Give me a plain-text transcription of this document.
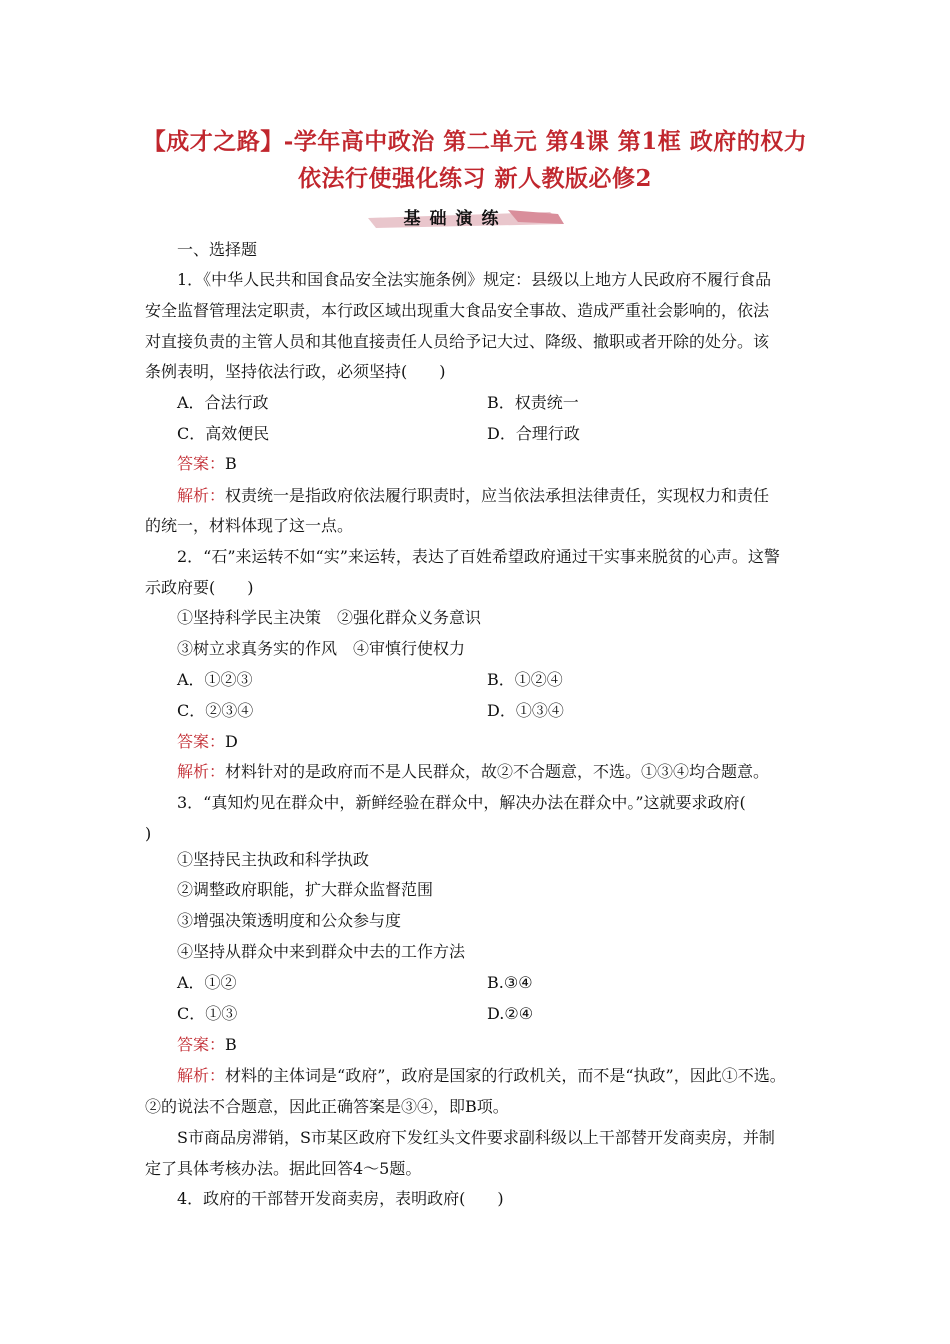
【成才之路】-学年高中政治 第二单元 第4课 第1框 政府的权力
依法行使强化练习 新人教版必修2
基础演练
一、选择题
1．《中华人民共和国食品安全法实施条例》规定：县级以上地方人民政府不履行食品
安全监督管理法定职责，本行政区域出现重大食品安全事故、造成严重社会影响的，依法
对直接负责的主管人员和其他直接责任人员给予记大过、降级、撤职或者开除的处分。该
条例表明，坚持依法行政，必须坚持(　　)
A．合法行政	B．权责统一
C．高效便民	D．合理行政
答案：B
解析：权责统一是指政府依法履行职责时，应当依法承担法律责任，实现权力和责任
的统一，材料体现了这一点。
2．“石”来运转不如“实”来运转，表达了百姓希望政府通过干实事来脱贫的心声。这警
示政府要(　　)
①坚持科学民主决策　②强化群众义务意识
③树立求真务实的作风　④审慎行使权力
A．①②③	B．①②④
C．②③④	D．①③④
答案：D
解析：材料针对的是政府而不是人民群众，故②不合题意，不选。①③④均合题意。
3．“真知灼见在群众中，新鲜经验在群众中，解决办法在群众中。”这就要求政府(
)
①坚持民主执政和科学执政
②调整政府职能，扩大群众监督范围
③增强决策透明度和公众参与度
④坚持从群众中来到群众中去的工作方法
A．①②	B.③④
C．①③	D.②④
答案：B
解析：材料的主体词是“政府”，政府是国家的行政机关，而不是“执政”，因此①不选。
②的说法不合题意，因此正确答案是③④，即B项。
S市商品房滞销，S市某区政府下发红头文件要求副科级以上干部替开发商卖房，并制
定了具体考核办法。据此回答4～5题。
4．政府的干部替开发商卖房，表明政府(　　)
